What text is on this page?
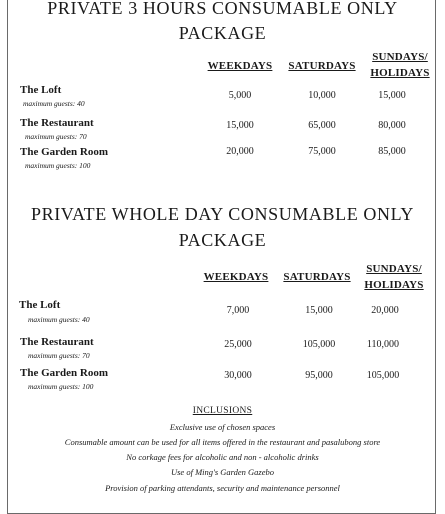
PRIVATE 3 HOURS CONSUMABLE ONLY
PACKAGE
WEEKDAYS	SATURDAYS
SUNDAYS/
HOLIDAYS
The Loft
maximum guests: 40
5,000	10,000	15,000
The Restaurant
maximum guests: 70
15,000	65,000	80,000
The Garden Room
maximum guests: 100
20,000	75,000	85,000
PRIVATE WHOLE DAY CONSUMABLE ONLY
PACKAGE
WEEKDAYS	SATURDAYS
SUNDAYS/
HOLIDAYS
The Loft
maximum guests: 40
7,000	15,000	20,000
The Restaurant
maximum guests: 70
25,000	105,000	110,000
The Garden Room
maximum guests: 100
30,000	95,000	105,000
INCLUSIONS
Exclusive use of chosen spaces
Consumable amount can be used for all items offered in the restaurant and pasalubong store
No corkage fees for alcoholic and non - alcoholic drinks
Use of Ming's Garden Gazebo
Provision of parking attendants, security and maintenance personnel
